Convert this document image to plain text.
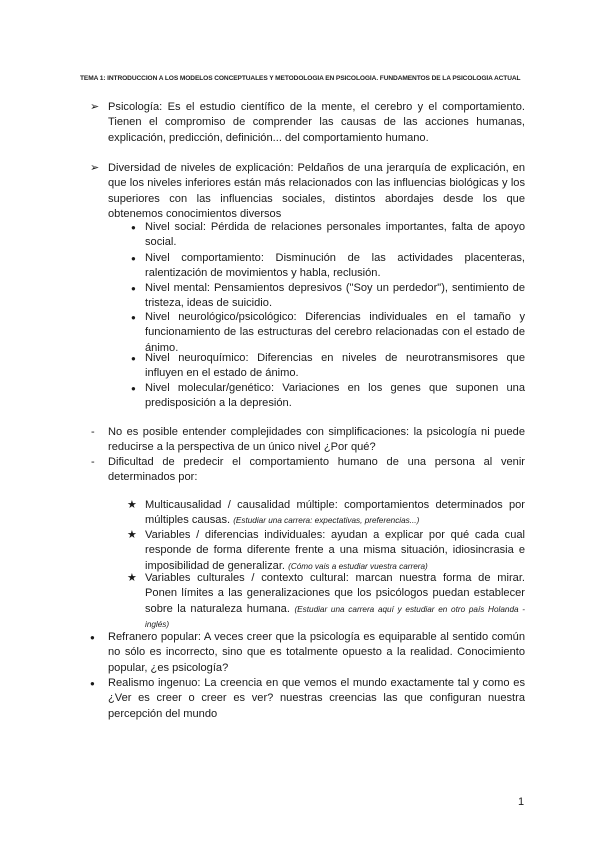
TEMA 1: INTRODUCCIÓN A LOS MODELOS CONCEPTUALES Y METODOLOGÍA EN PSICOLOGÍA. FUNDAMENTOS DE LA PSICOLOGÍA ACTUAL
➢ Psicología: Es el estudio científico de la mente, el cerebro y el comportamiento. Tienen el compromiso de comprender las causas de las acciones humanas, explicación, predicción, definición... del comportamiento humano.
➢ Diversidad de niveles de explicación: Peldaños de una jerarquía de explicación, en que los niveles inferiores están más relacionados con las influencias biológicas y los superiores con las influencias sociales, distintos abordajes desde los que obtenemos conocimientos diversos
● Nivel social: Pérdida de relaciones personales importantes, falta de apoyo social.
● Nivel comportamiento: Disminución de las actividades placenteras, ralentización de movimientos y habla, reclusión.
● Nivel mental: Pensamientos depresivos ("Soy un perdedor"), sentimiento de tristeza, ideas de suicidio.
● Nivel neurológico/psicológico: Diferencias individuales en el tamaño y funcionamiento de las estructuras del cerebro relacionadas con el estado de ánimo.
● Nivel neuroquímico: Diferencias en niveles de neurotransmisores que influyen en el estado de ánimo.
● Nivel molecular/genético: Variaciones en los genes que suponen una predisposición a la depresión.
- No es posible entender complejidades con simplificaciones: la psicología ni puede reducirse a la perspectiva de un único nivel ¿Por qué?
- Dificultad de predecir el comportamiento humano de una persona al venir determinados por:
★ Multicausalidad / causalidad múltiple: comportamientos determinados por múltiples causas. (Estudiar una carrera: expectativas, preferencias...)
★ Variables / diferencias individuales: ayudan a explicar por qué cada cual responde de forma diferente frente a una misma situación, idiosincrasia e imposibilidad de generalizar. (Cómo vais a estudiar vuestra carrera)
★ Variables culturales / contexto cultural: marcan nuestra forma de mirar. Ponen límites a las generalizaciones que los psicólogos puedan establecer sobre la naturaleza humana. (Estudiar una carrera aquí y estudiar en otro país Holanda - inglés)
● Refranero popular: A veces creer que la psicología es equiparable al sentido común no sólo es incorrecto, sino que es totalmente opuesto a la realidad. Conocimiento popular, ¿es psicología?
● Realismo ingenuo: La creencia en que vemos el mundo exactamente tal y como es ¿Ver es creer o creer es ver? nuestras creencias las que configuran nuestra percepción del mundo
1
